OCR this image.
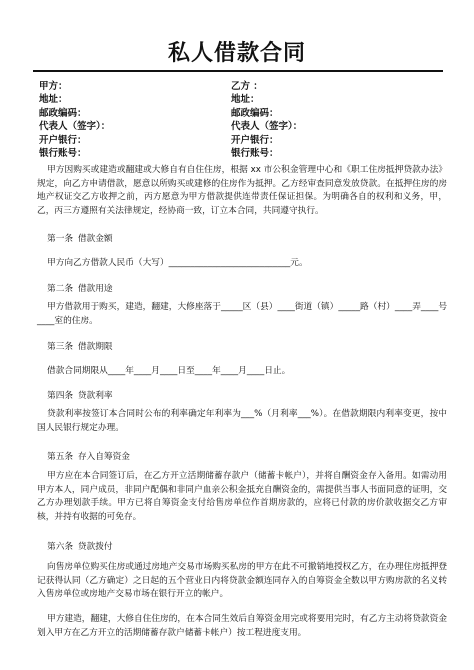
私人借款合同
甲方：
地址：
邮政编码：
代表人（签字）：
开户银行：
银行账号：
乙方 ：
地址：
邮政编码：
代表人（签字）：
开户银行：
银行账号：
甲方因购买或建造或翻建或大修自有自住住房，根据 xx 市公积金管理中心和《职工住房抵押贷款办法》规定，向乙方申请借款，愿意以所购买或建修的住房作为抵押。乙方经审查同意发放贷款。在抵押住房的房地产权证交乙方收押之前，丙方愿意为甲方借款提供连带责任保证担保。为明确各自的权利和义务，甲，乙，丙三方遵照有关法律规定，经协商一致，订立本合同，共同遵守执行。
第一条 借款金额
甲方向乙方借款人民币（大写）____________________________元。
第二条 借款用途
甲方借款用于购买，建造，翻建，大修座落于_____区（县）____街道（镇）_____路（村）____弄____号____室的住房。
第三条 借款期限
借款合同期限从____年____月____日至____年____月____日止。
第四条 贷款利率
贷款利率按签订本合同时公布的利率确定年利率为___%（月利率___%）。在借款期限内利率变更，按中国人民银行规定办理。
第五条 存入自筹资金
甲方应在本合同签订后，在乙方开立活期储蓄存款户（储蓄卡帐户），并将自酬资金存入备用。如需动用甲方本人，同户成员，非同户配偶和非同户血亲公积金抵充自酬资金的，需提供当事人书面同意的证明，交乙方办理划款手续。甲方已将自筹资金支付给售房单位作首期房款的，应将已付款的房价款收据交乙方审核，并持有收据的可免存。
第六条 贷款拨付
向售房单位购买住房或通过房地产交易市场购买私房的甲方在此不可撤销地授权乙方，在办理住房抵押登记获得认同（乙方确定）之日起的五个营业日内将贷款金额连同存入的自筹资金全数以甲方购房款的名义转入售房单位或房地产交易市场在银行开立的帐户。
甲方建造，翻建，大修自住住房的，在本合同生效后自筹资金用完或将要用完时，有乙方主动将贷款资金划入甲方在乙方开立的活期储蓄存款户储蓄卡帐户）按工程进度支用。
